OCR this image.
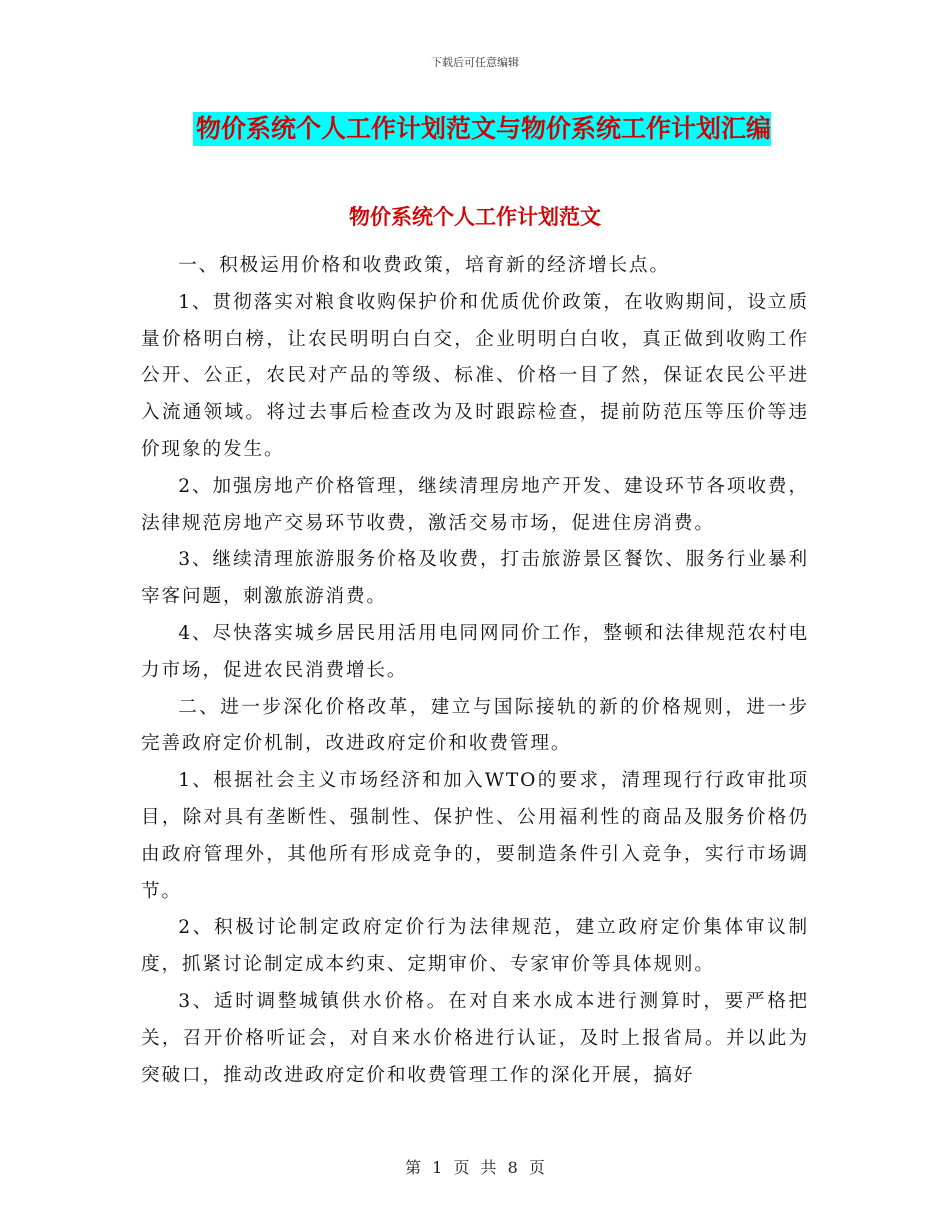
下载后可任意编辑
物价系统个人工作计划范文与物价系统工作计划汇编
物价系统个人工作计划范文

一、积极运用价格和收费政策，培育新的经济增长点。

1、贯彻落实对粮食收购保护价和优质优价政策，在收购期间，设立质量价格明白榜，让农民明明白白交，企业明明白白收，真正做到收购工作公开、公正，农民对产品的等级、标准、价格一目了然，保证农民公平进入流通领域。将过去事后检查改为及时跟踪检查，提前防范压等压价等违价现象的发生。

2、加强房地产价格管理，继续清理房地产开发、建设环节各项收费，法律规范房地产交易环节收费，激活交易市场，促进住房消费。

3、继续清理旅游服务价格及收费，打击旅游景区餐饮、服务行业暴利宰客问题，刺激旅游消费。

4、尽快落实城乡居民用活用电同网同价工作，整顿和法律规范农村电力市场，促进农民消费增长。

二、进一步深化价格改革，建立与国际接轨的新的价格规则，进一步完善政府定价机制，改进政府定价和收费管理。

1、根据社会主义市场经济和加入WTO的要求，清理现行行政审批项目，除对具有垄断性、强制性、保护性、公用福利性的商品及服务价格仍由政府管理外，其他所有形成竞争的，要制造条件引入竞争，实行市场调节。

2、积极讨论制定政府定价行为法律规范，建立政府定价集体审议制度，抓紧讨论制定成本约束、定期审价、专家审价等具体规则。

3、适时调整城镇供水价格。在对自来水成本进行测算时，要严格把关，召开价格听证会，对自来水价格进行认证，及时上报省局。并以此为突破口，推动改进政府定价和收费管理工作的深化开展，搞好

第 1 页 共 8 页
